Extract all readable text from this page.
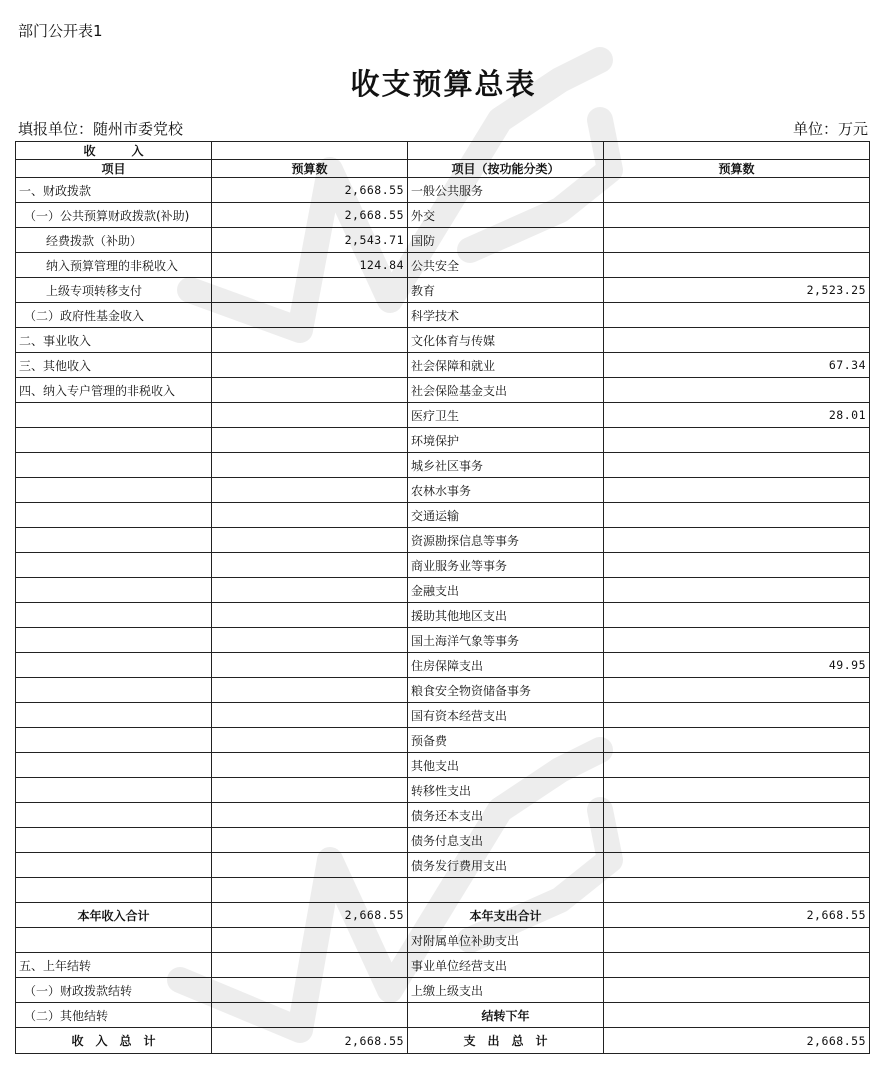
部门公开表1
收支预算总表
填报单位：随州市委党校	单位：万元
收　　　入			
项目	预算数	项目（按功能分类）	预算数
一、财政拨款	2,668.55	一般公共服务	
（一）公共预算财政拨款(补助)	2,668.55	外交	
经费拨款（补助）	2,543.71	国防	
纳入预算管理的非税收入	124.84	公共安全	
上级专项转移支付		教育	2,523.25
（二）政府性基金收入		科学技术	
二、事业收入		文化体育与传媒	
三、其他收入		社会保障和就业	67.34
四、纳入专户管理的非税收入		社会保险基金支出	
		医疗卫生	28.01
		环境保护	
		城乡社区事务	
		农林水事务	
		交通运输	
		资源勘探信息等事务	
		商业服务业等事务	
		金融支出	
		援助其他地区支出	
		国土海洋气象等事务	
		住房保障支出	49.95
		粮食安全物资储备事务	
		国有资本经营支出	
		预备费	
		其他支出	
		转移性支出	
		债务还本支出	
		债务付息支出	
		债务发行费用支出	

本年收入合计	2,668.55	本年支出合计	2,668.55
		对附属单位补助支出	
五、上年结转		事业单位经营支出	
（一）财政拨款结转		上缴上级支出	
（二）其他结转		结转下年	
收　入　总　计	2,668.55	支　出　总　计	2,668.55
